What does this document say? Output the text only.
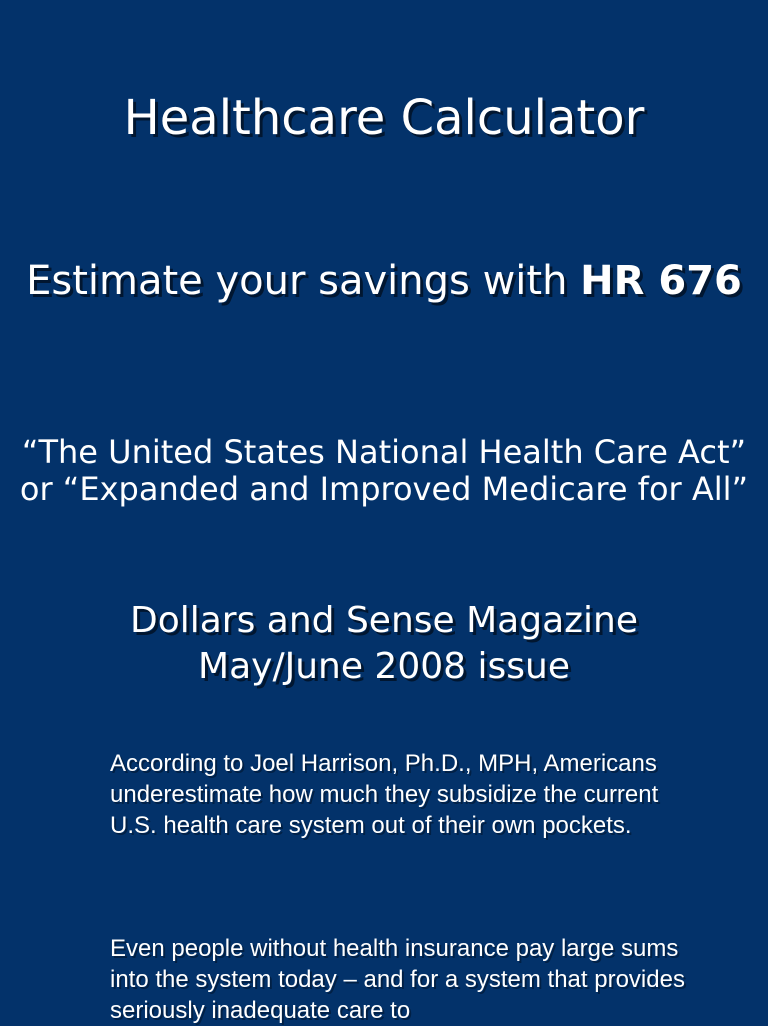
Healthcare Calculator

Estimate your savings with HR 676

“The United States National Health Care Act”
or “Expanded and Improved Medicare for All”

Dollars and Sense Magazine
May/June 2008 issue

According to Joel Harrison, Ph.D., MPH, Americans underestimate how much they subsidize the current U.S. health care system out of their own pockets.

Even people without health insurance pay large sums into the system today – and for a system that provides seriously inadequate care to
